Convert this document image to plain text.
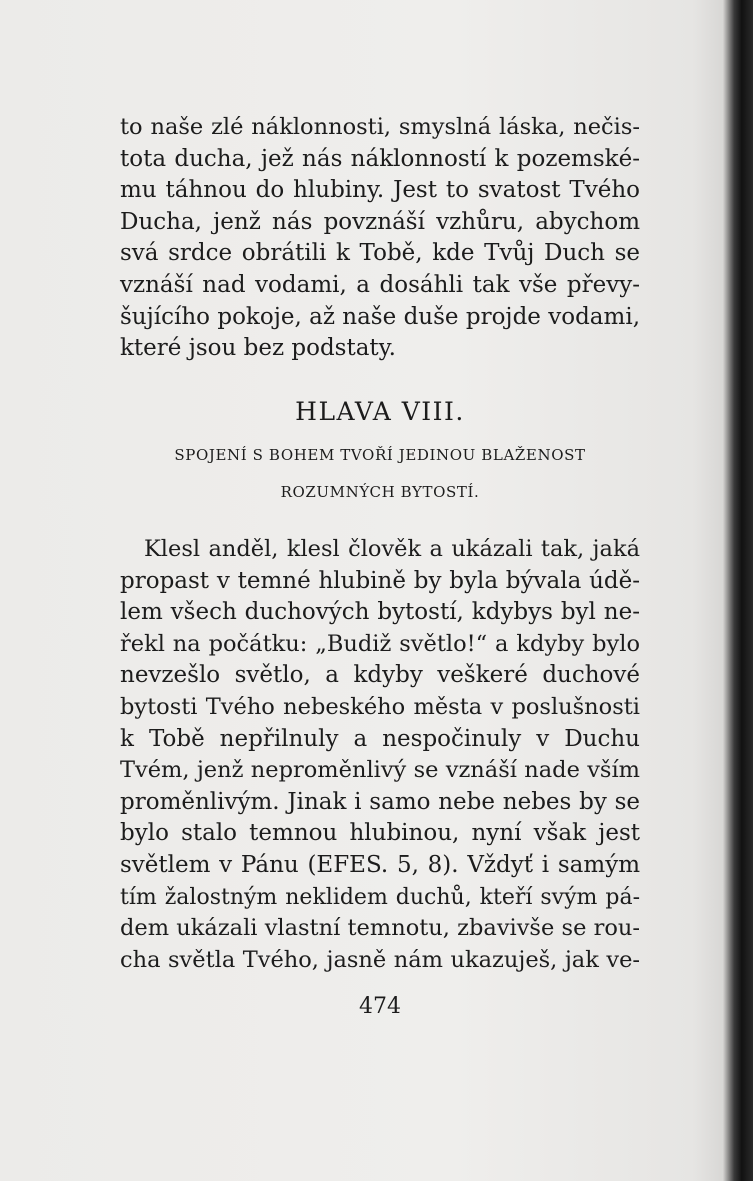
to naše zlé náklonnosti, smyslná láska, nečis-
tota ducha, jež nás náklonností k pozemské-
mu táhnou do hlubiny. Jest to svatost Tvého
Ducha, jenž nás povznáší vzhůru, abychom
svá srdce obrátili k Tobě, kde Tvůj Duch se
vznáší nad vodami, a dosáhli tak vše převy-
šujícího pokoje, až naše duše projde vodami,
které jsou bez podstaty.
HLAVA VIII.
SPOJENÍ S BOHEM TVOŘÍ JEDINOU BLAŽENOST
ROZUMNÝCH BYTOSTÍ.
Klesl anděl, klesl člověk a ukázali tak, jaká
propast v temné hlubině by byla bývala údě-
lem všech duchových bytostí, kdybys byl ne-
řekl na počátku: „Budiž světlo!“ a kdyby bylo
nevzešlo světlo, a kdyby veškeré duchové
bytosti Tvého nebeského města v poslušnosti
k Tobě nepřilnuly a nespočinuly v Duchu
Tvém, jenž neproměnlivý se vznáší nade vším
proměnlivým. Jinak i samo nebe nebes by se
bylo stalo temnou hlubinou, nyní však jest
světlem v Pánu (EFES. 5, 8). Vždyť i samým
tím žalostným neklidem duchů, kteří svým pá-
dem ukázali vlastní temnotu, zbavivše se rou-
cha světla Tvého, jasně nám ukazuješ, jak ve-
474
